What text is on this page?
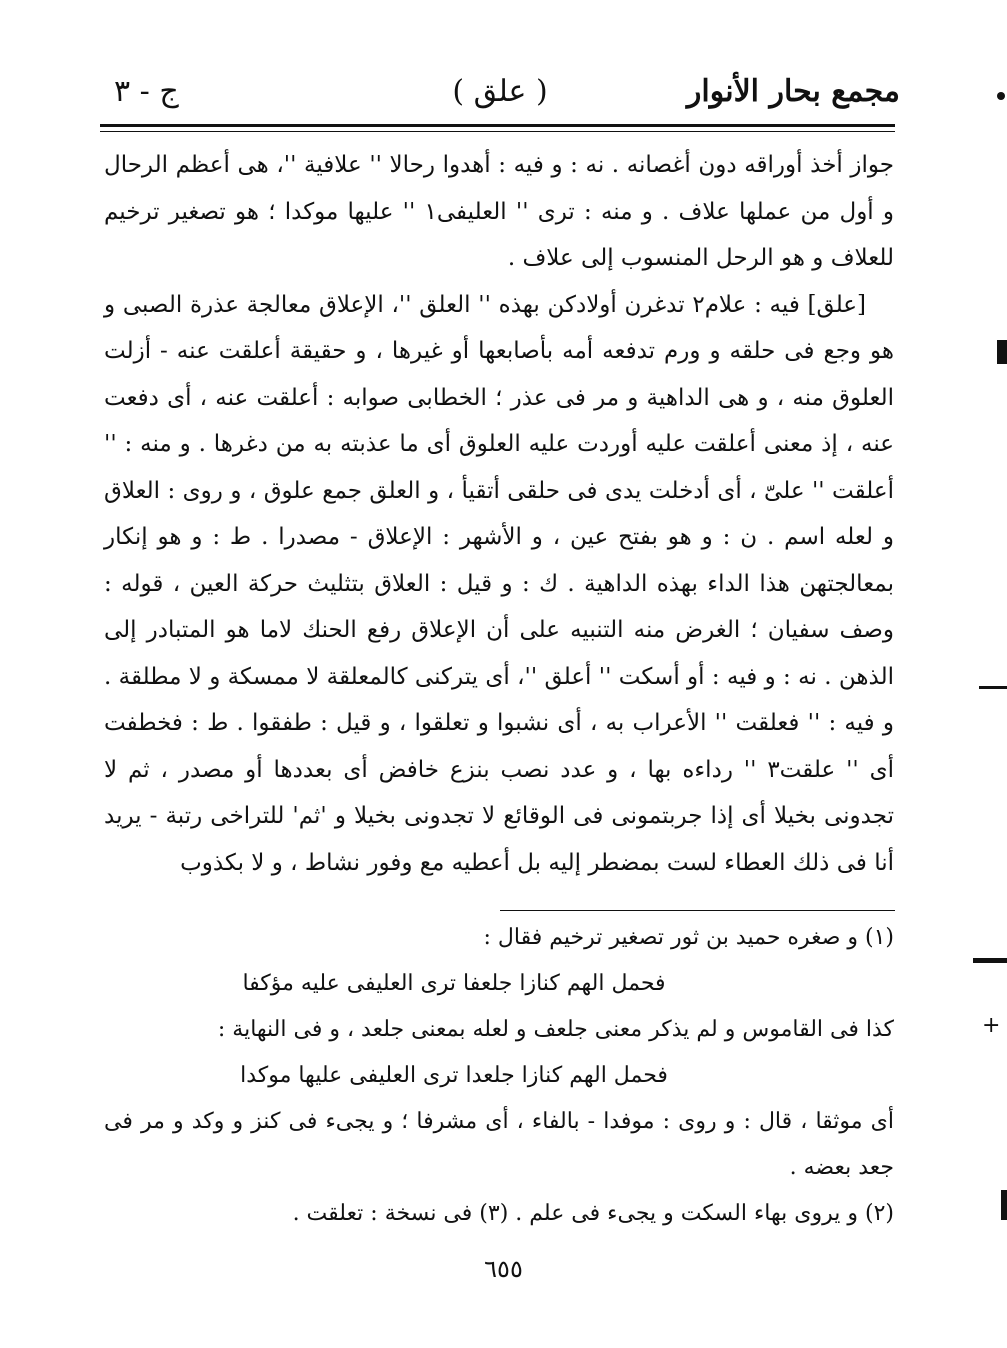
مجمع بحار الأنوار
( علق )
ج - ٣

جواز أخذ أوراقه دون أغصانه . نه : و فيه : أهدوا رحالا '' علافية ''، هى أعظم الرحال و أول من عملها علاف . و منه : ترى '' العليفى١ '' عليها موكدا ؛ هو تصغير ترخيم للعلاف و هو الرحل المنسوب إلى علاف .

[علق] فيه : علام٢ تدغرن أولادكن بهذه '' العلق ''، الإعلاق معالجة عذرة الصبى و هو وجع فى حلقه و ورم تدفعه أمه بأصابعها أو غيرها ، و حقيقة أعلقت عنه - أزلت العلوق منه ، و هى الداهية و مر فى عذر ؛ الخطابى صوابه : أعلقت عنه ، أى دفعت عنه ، إذ معنى أعلقت عليه أوردت عليه العلوق أى ما عذبته به من دغرها . و منه : '' أعلقت '' علىّ ، أى أدخلت يدى فى حلقى أتقيأ ، و العلق جمع علوق ، و روى : العلاق و لعله اسم . ن : و هو بفتح عين ، و الأشهر : الإعلاق - مصدرا . ط : و هو إنكار بمعالجتهن هذا الداء بهذه الداهية . ك : و قيل : العلاق بتثليث حركة العين ، قوله : وصف سفيان ؛ الغرض منه التنبيه على أن الإعلاق رفع الحنك لاما هو المتبادر إلى الذهن . نه : و فيه : أو أسكت '' أعلق ''، أى يتركنى كالمعلقة لا ممسكة و لا مطلقة . و فيه : '' فعلقت '' الأعراب به ، أى نشبوا و تعلقوا ، و قيل : طفقوا . ط : فخطفت أى '' علقت٣ '' رداءه بها ، و عدد نصب بنزع خافض أى بعددها أو مصدر ، ثم لا تجدونى بخيلا أى إذا جربتمونى فى الوقائع لا تجدونى بخيلا و 'ثم' للتراخى رتبة - يريد أنا فى ذلك العطاء لست بمضطر إليه بل أعطيه مع وفور نشاط ، و لا بكذوب

(١) و صغره حميد بن ثور تصغير ترخيم فقال :

فحمل الهم كنازا جلعفا ترى العليفى عليه مؤكفا

كذا فى القاموس و لم يذكر معنى جلعف و لعله بمعنى جلعد ، و فى النهاية :

فحمل الهم كنازا جلعدا ترى العليفى عليها موكدا

أى موثقا ، قال : و روى : موفدا - بالفاء ، أى مشرفا ؛ و يجىء فى كنز و وكد و مر فى جعد بعضه .

(٢) و يروى بهاء السكت و يجىء فى علم . (٣) فى نسخة : تعلقت .

٦٥٥
+
